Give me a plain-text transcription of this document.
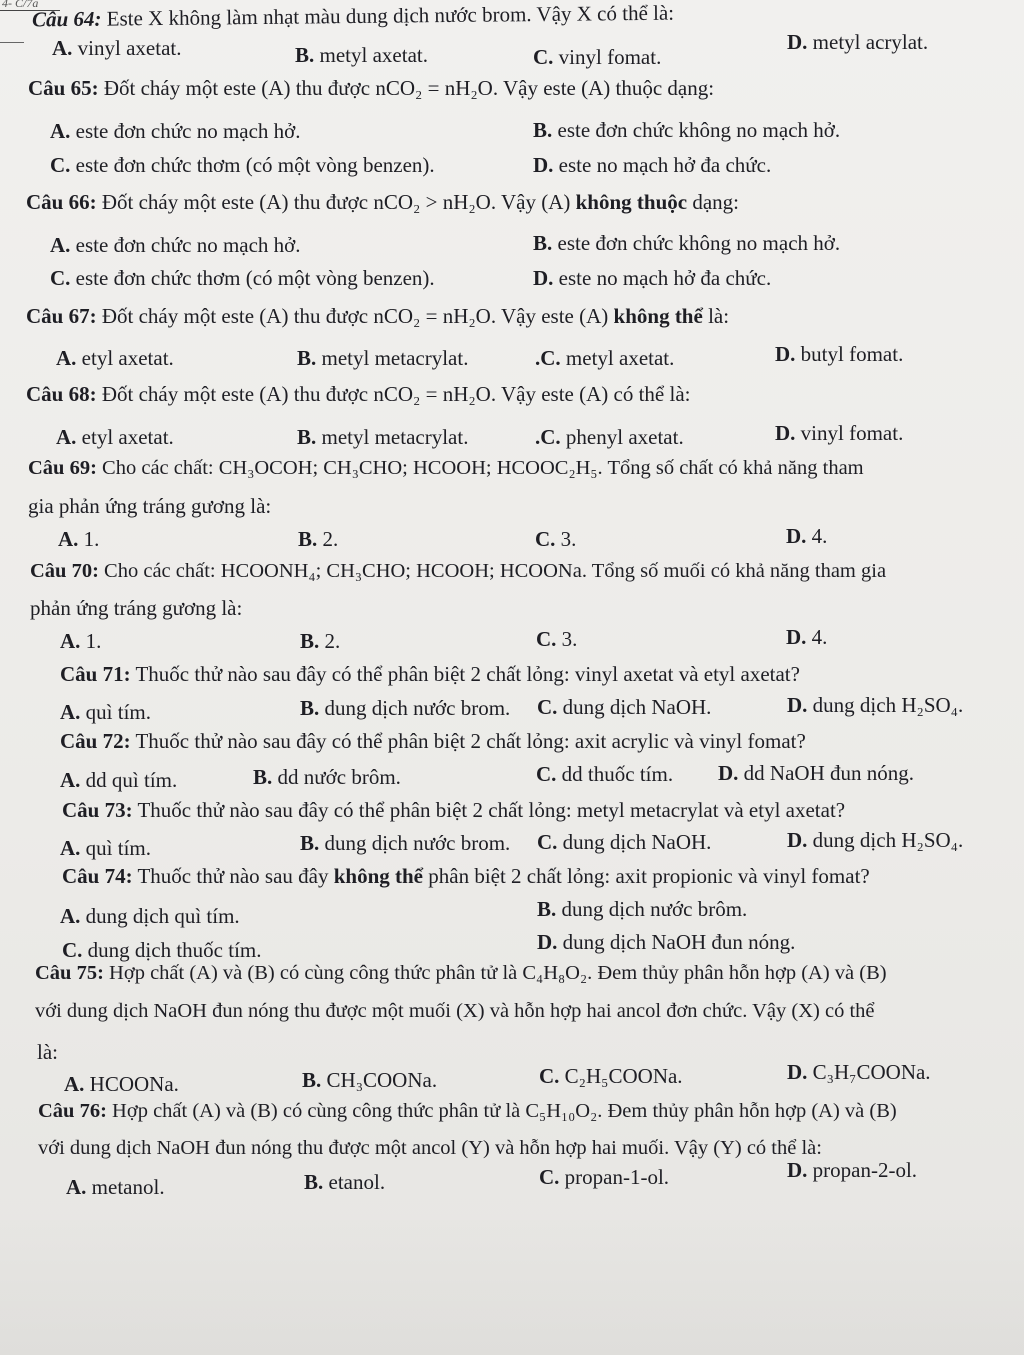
4- C/7a
Câu 64: Este X không làm nhạt màu dung dịch nước brom. Vậy X có thể là:
A. vinyl axetat.	B. metyl axetat.	C. vinyl fomat.
D. metyl acrylat.
Câu 65: Đốt cháy một este (A) thu được nCO₂ = nH₂O. Vậy este (A) thuộc dạng:
A. este đơn chức no mạch hở.	B. este đơn chức không no mạch hở.
C. este đơn chức thơm (có một vòng benzen).	D. este no mạch hở đa chức.
Câu 66: Đốt cháy một este (A) thu được nCO₂ > nH₂O. Vậy (A) không thuộc dạng:
A. este đơn chức no mạch hở.	B. este đơn chức không no mạch hở.
C. este đơn chức thơm (có một vòng benzen).	D. este no mạch hở đa chức.
Câu 67: Đốt cháy một este (A) thu được nCO₂ = nH₂O. Vậy este (A) không thể là:
A. etyl axetat.	B. metyl metacrylat.	.C. metyl axetat.	D. butyl fomat.
Câu 68: Đốt cháy một este (A) thu được nCO₂ = nH₂O. Vậy este (A) có thể là:
A. etyl axetat.	B. metyl metacrylat.	.C. phenyl axetat.	D. vinyl fomat.
Câu 69: Cho các chất: CH₃OCOH; CH₃CHO; HCOOH; HCOOC₂H₅. Tổng số chất có khả năng tham
gia phản ứng tráng gương là:
A. 1.	B. 2.	C. 3.	D. 4.
Câu 70: Cho các chất: HCOONH₄; CH₃CHO; HCOOH; HCOONa. Tổng số muối có khả năng tham gia
phản ứng tráng gương là:
A. 1.	B. 2.	C. 3.	D. 4.
Câu 71: Thuốc thử nào sau đây có thể phân biệt 2 chất lỏng: vinyl axetat và etyl axetat?
A. quì tím.	B. dung dịch nước brom. C. dung dịch NaOH.	D. dung dịch H₂SO₄.
Câu 72: Thuốc thử nào sau đây có thể phân biệt 2 chất lỏng: axit acrylic và vinyl fomat?
A. dd quì tím.	B. dd nước brôm.	C. dd thuốc tím. D. dd NaOH đun nóng.
Câu 73: Thuốc thử nào sau đây có thể phân biệt 2 chất lỏng: metyl metacrylat và etyl axetat?
A. quì tím.	B. dung dịch nước brom. C. dung dịch NaOH.	D. dung dịch H₂SO₄.
Câu 74: Thuốc thử nào sau đây không thể phân biệt 2 chất lỏng: axit propionic và vinyl fomat?
A. dung dịch quì tím.	B. dung dịch nước brôm.
C. dung dịch thuốc tím.	D. dung dịch NaOH đun nóng.
Câu 75: Hợp chất (A) và (B) có cùng công thức phân tử là C₄H₈O₂. Đem thủy phân hỗn hợp (A) và (B)
với dung dịch NaOH đun nóng thu được một muối (X) và hỗn hợp hai ancol đơn chức. Vậy (X) có thể
là:
A. HCOONa.	B. CH₃COONa.	C. C₂H₅COONa.	D. C₃H₇COONa.
Câu 76: Hợp chất (A) và (B) có cùng công thức phân tử là C₅H₁₀O₂. Đem thủy phân hỗn hợp (A) và (B)
với dung dịch NaOH đun nóng thu được một ancol (Y) và hỗn hợp hai muối. Vậy (Y) có thể là:
A. metanol.	B. etanol.	C. propan-1-ol.	D. propan-2-ol.
